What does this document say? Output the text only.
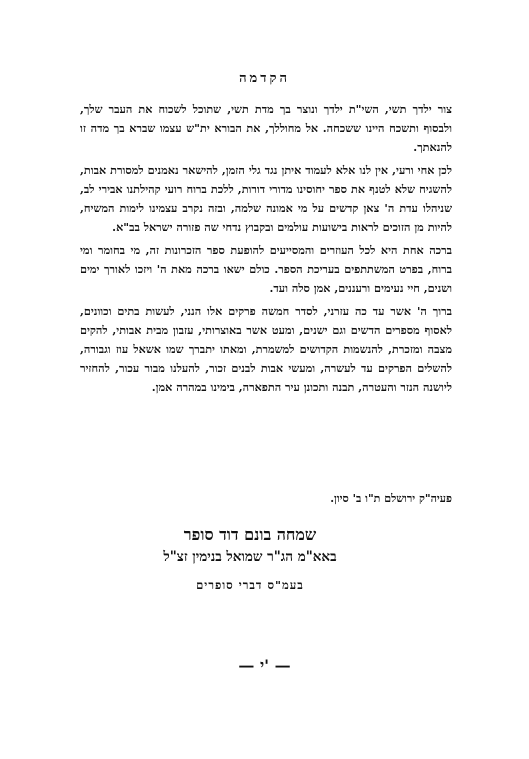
הקדמה

צור ילדך תשי, השי"ת ילדך ונוצר בך מדת תשי, שתוכל לשכוח את העבר שלך, ולבסוף ותשכח היינו ששכחה. אל מחוללך, את הבורא ית"ש עצמו שברא בך מדה זו להנאתך.

לכן אחי ורעי, אין לנו אלא לעמוד איתן נגד גלי הזמן, להישאר נאמנים למסורת אבות, להשגיח שלא לטנף את ספר יחוסינו מדורי דורות, ללכת ברוח רועי קהילתנו אבירי לב, שניהלו עדת ה' צאן קדשים על מי אמונה שלמה, ובזה נקרב עצמינו לימות המשיח, להיות מן הזוכים לראות בישועות עולמים ובקבוץ נדחי שה פזורה ישראל בב"א.

ברכה אחת היא לכל העוזרים והמסייעים להופעת ספר הזכרונות זה, מי בחומר ומי ברוח, בפרט המשתתפים בעריכת הספר. כולם ישאו ברכה מאת ה' ויזכו לאורך ימים ושנים, חיי נעימים ורעננים, אמן סלה ועד.

ברוך ה' אשר עד כה עזרני, לסדר חמשה פרקים אלו הנני, לעשות בתים וכוונים, לאסוף מספרים הדשים וגם ישנים, ומעט אשר באוצרותי, עזבון מבית אבותי, להקים מצבה ומזכרת, להנשמות הקדושים למשמרת, ומאתו יתברך שמו אשאל עוז וגבורה, להשלים הפרקים עד לעשרה, ומעשי אבות לבנים זכור, להעלנו מבור עכור, להחזיר ליושנה הנזר והעטרה, תבנה ותכונן עיר התפארה, בימינו במהרה אמן.

פעיה"ק ירושלם ת"ו ב' סיון.
שמחה בונם דוד סופר
באא"מ הג"ר שמואל בנימין זצ"ל
בעמ"ס דברי סופרים
— י' —
